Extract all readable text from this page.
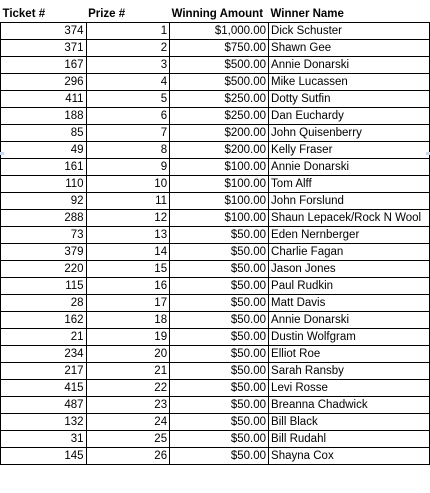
Ticket #	Prize #	Winning Amount	Winner Name
374	1	$1,000.00	Dick Schuster
371	2	$750.00	Shawn Gee
167	3	$500.00	Annie Donarski
296	4	$500.00	Mike Lucassen
411	5	$250.00	Dotty Sutfin
188	6	$250.00	Dan Euchardy
85	7	$200.00	John Quisenberry
49	8	$200.00	Kelly Fraser
161	9	$100.00	Annie Donarski
110	10	$100.00	Tom Alff
92	11	$100.00	John Forslund
288	12	$100.00	Shaun Lepacek/Rock N Wool
73	13	$50.00	Eden Nernberger
379	14	$50.00	Charlie Fagan
220	15	$50.00	Jason Jones
115	16	$50.00	Paul Rudkin
28	17	$50.00	Matt Davis
162	18	$50.00	Annie Donarski
21	19	$50.00	Dustin Wolfgram
234	20	$50.00	Elliot Roe
217	21	$50.00	Sarah Ransby
415	22	$50.00	Levi Rosse
487	23	$50.00	Breanna Chadwick
132	24	$50.00	Bill Black
31	25	$50.00	Bill Rudahl
145	26	$50.00	Shayna Cox
